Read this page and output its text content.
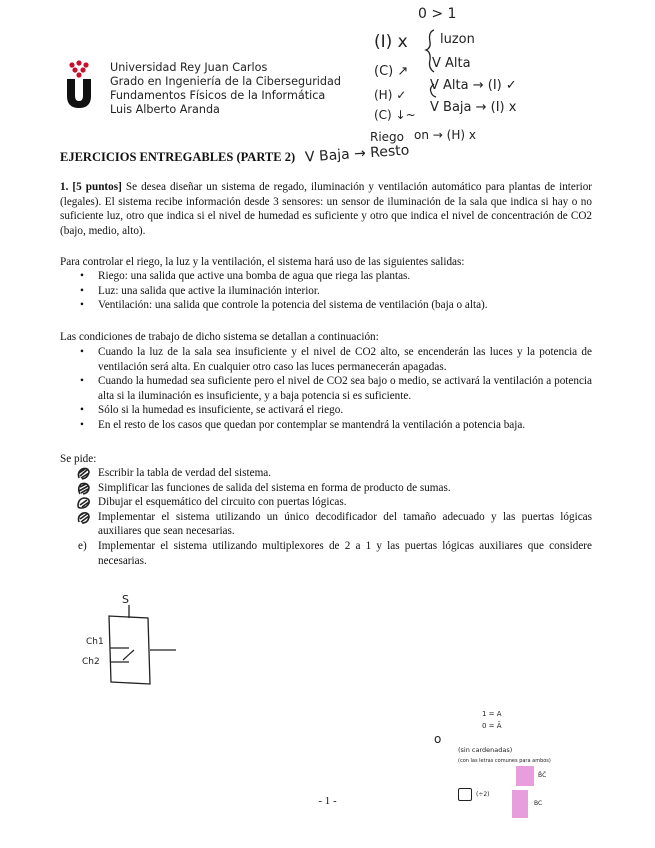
Universidad Rey Juan Carlos
Grado en Ingeniería de la Ciberseguridad
Fundamentos Físicos de la Informática
Luis Alberto Aranda
EJERCICIOS ENTREGABLES (PARTE 2)
1. [5 puntos] Se desea diseñar un sistema de regado, iluminación y ventilación automático para plantas de interior (legales). El sistema recibe información desde 3 sensores: un sensor de iluminación de la sala que indica si hay o no suficiente luz, otro que indica si el nivel de humedad es suficiente y otro que indica el nivel de concentración de CO2 (bajo, medio, alto).
Para controlar el riego, la luz y la ventilación, el sistema hará uso de las siguientes salidas:
• Riego: una salida que active una bomba de agua que riega las plantas.
• Luz: una salida que active la iluminación interior.
• Ventilación: una salida que controle la potencia del sistema de ventilación (baja o alta).
Las condiciones de trabajo de dicho sistema se detallan a continuación:
• Cuando la luz de la sala sea insuficiente y el nivel de CO2 alto, se encenderán las luces y la potencia de ventilación será alta. En cualquier otro caso las luces permanecerán apagadas.
• Cuando la humedad sea suficiente pero el nivel de CO2 sea bajo o medio, se activará la ventilación a potencia alta si la iluminación es insuficiente, y a baja potencia si es suficiente.
• Sólo si la humedad es insuficiente, se activará el riego.
• En el resto de los casos que quedan por contemplar se mantendrá la ventilación a potencia baja.
Se pide:
Escribir la tabla de verdad del sistema.
Simplificar las funciones de salida del sistema en forma de producto de sumas.
Dibujar el esquemático del circuito con puertas lógicas.
Implementar el sistema utilizando un único decodificador del tamaño adecuado y las puertas lógicas auxiliares que sean necesarias.
e)	Implementar el sistema utilizando multiplexores de 2 a 1 y las puertas lógicas auxiliares que considere necesarias.
0 > 1
(I) x luzon
(C) ↗
V Alta
(H) ✓
V Alta → (I) ✓
(C) ↓~ V Baja → (I) x
Riego on → (H) x
V Baja → Resto
S
Ch1
Ch2
1 = A
0 = Ā
o
(sin cardenadas)
(con las letras comunes para ambos)
B̄C̄
(÷2)
BC
- 1 -
